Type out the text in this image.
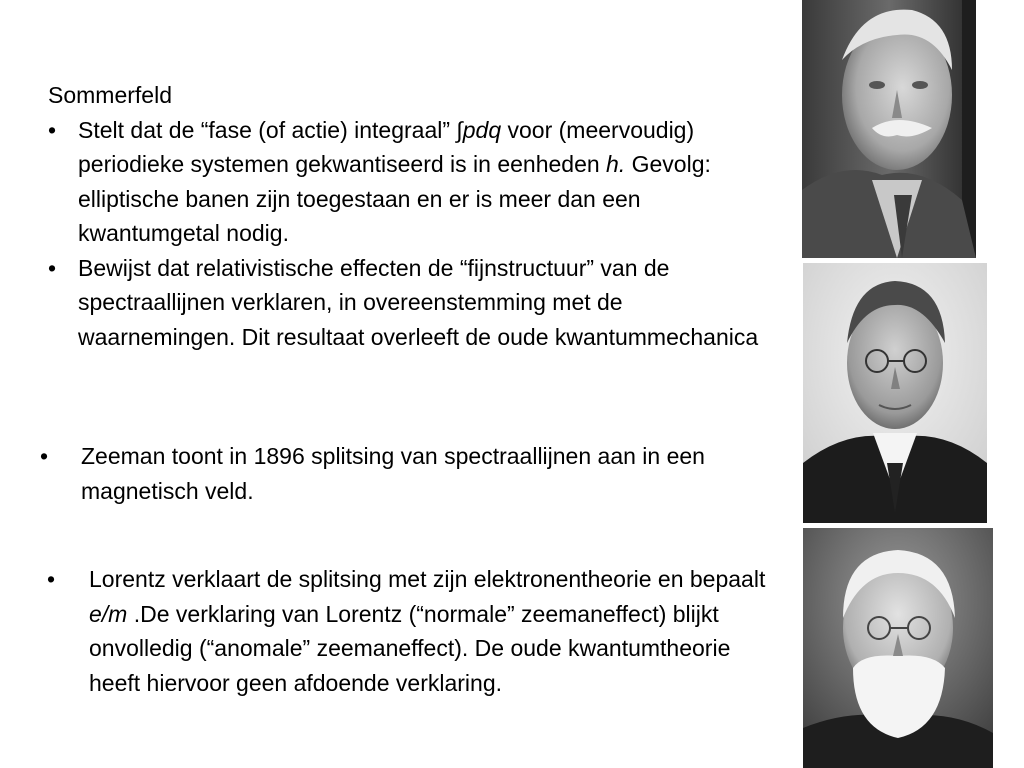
Sommerfeld

• Stelt dat de “fase (of actie) integraal” ∫pdq voor (meervoudig) periodieke systemen gekwantiseerd is in eenheden h. Gevolg: elliptische banen zijn toegestaan en er is meer dan een kwantumgetal nodig.
• Bewijst dat relativistische effecten de “fijnstructuur” van de spectraallijnen verklaren, in overeenstemming met de waarnemingen. Dit resultaat overleeft de oude kwantummechanica
• Zeeman toont in 1896 splitsing van spectraallijnen aan in een magnetisch veld.
• Lorentz verklaart de splitsing met zijn elektronentheorie en bepaalt e/m .De verklaring van Lorentz (“normale” zeemaneffect) blijkt onvolledig (“anomale” zeemaneffect). De oude kwantumtheorie heeft hiervoor geen afdoende verklaring.
